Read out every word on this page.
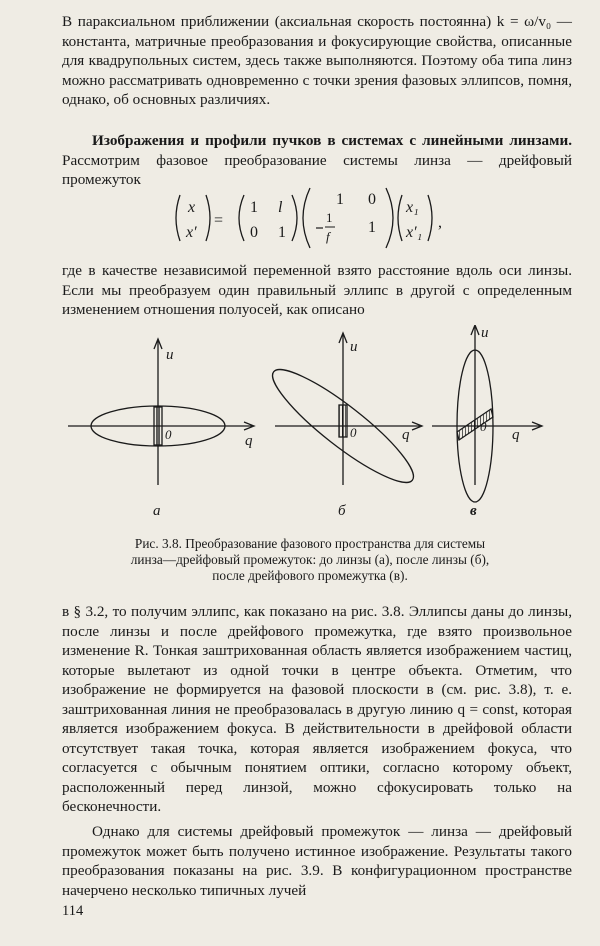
В параксиальном приближении (аксиальная скорость постоянна) k = ω/v₀ — константа, матричные преобразования и фокусирующие свойства, описанные для квадрупольных систем, здесь также выполняются. Поэтому оба типа линз можно рассматривать одновременно с точки зрения фазовых эллипсов, помня, однако, об основных различиях.

Изображения и профили пучков в системах с линейными линзами. Рассмотрим фазовое преобразование системы линза — дрейфовый промежуток

x
x′
=
1 l
0 1
1 0
1
f
1
x₁
x′₁
,

где в качестве независимой переменной взято расстояние вдоль оси линзы. Если мы преобразуем один правильный эллипс в другой с определенным изменением отношения полуосей, как описано

u
q
0
u
q
0
u
q
0
а	б	в
Рис. 3.8. Преобразование фазового пространства для системы
линза—дрейфовый промежуток: до линзы (а), после линзы (б),
после дрейфового промежутка (в).

в § 3.2, то получим эллипс, как показано на рис. 3.8. Эллипсы даны до линзы, после линзы и после дрейфового промежутка, где взято произвольное изменение R. Тонкая заштрихованная область является изображением частиц, которые вылетают из одной точки в центре объекта. Отметим, что изображение не формируется на фазовой плоскости в (см. рис. 3.8), т. е. заштрихованная линия не преобразовалась в другую линию q = const, которая является изображением фокуса. В действительности в дрейфовой области отсутствует такая точка, которая является изображением фокуса, что согласуется с обычным понятием оптики, согласно которому объект, расположенный перед линзой, можно сфокусировать только на бесконечности.

Однако для системы дрейфовый промежуток — линза — дрейфовый промежуток может быть получено истинное изображение. Результаты такого преобразования показаны на рис. 3.9. В конфигурационном пространстве начерчено несколько типичных лучей

114
